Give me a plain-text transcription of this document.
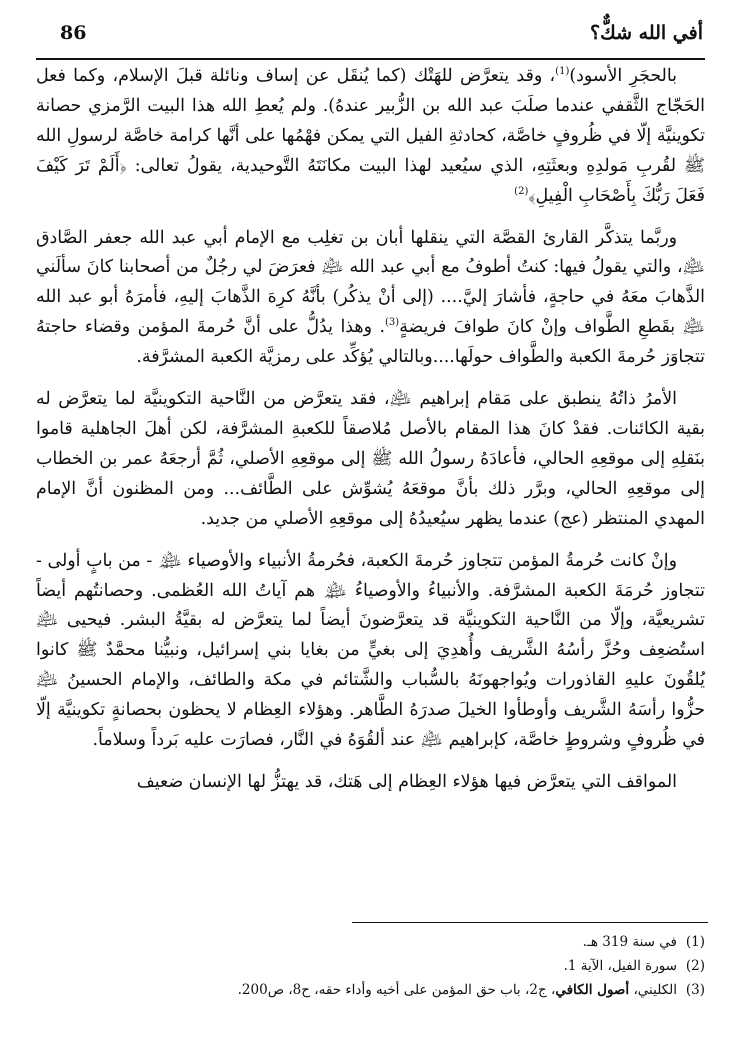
أفي الله شكٌّ؟
86

بالحجَرِ الأسود)$^{(1)}$، وقد يتعرَّض للهَتْك (كما يُنقَل عن إساف ونائلة قبلَ الإسلام، وكما فعل الحَجّاج الثَّقفي عندما صلَبَ عبد الله بن الزُّبير عندهُ). ولم يُعطِ الله هذا البيت الرَّمزي حصانة تكوينيَّة إلّا في ظُروفٍ خاصَّة، كحادثةِ الفيل التي يمكن فهْمُها على أنَّها كرامة خاصَّة لرسولِ الله ﷺ لقُربِ مَولدِهِ وبعثَتِهِ، الذي سيُعيد لهذا البيت مكانَتَهُ التَّوحيدية، يقولُ تعالى: ﴿أَلَمْ تَرَ كَيْفَ فَعَلَ رَبُّكَ بِأَصْحَابِ الْفِيلِ﴾$^{(2)}$

وربَّما يتذكَّر القارئ القصَّة التي ينقلها أبان بن تغلِب مع الإمام أبي عبد الله جعفر الصَّادق ﵇، والتي يقولُ فيها: كنتُ أطوفُ مع أبي عبد الله ﵇ فعرَضَ لي رجُلٌ من أصحابنا كانَ سألَني الذَّهابَ معَهُ في حاجةٍ، فأشارَ إليَّ.... (إلى أنْ يذكُر) بأنَّهُ كرِهَ الذَّهابَ إليهِ، فأمرَهُ أبو عبد الله ﵇ بقَطعِ الطَّواف وإنْ كانَ طوافَ فريضةٍ$^{(3)}$. وهذا يدُلُّ على أنَّ حُرمةَ المؤمن وقضاء حاجتهُ تتجاوَز حُرمةَ الكعبة والطَّواف حولَها....وبالتالي يُؤكِّد على رمزيَّة الكعبة المشرَّفة.

الأمرُ ذاتُهُ ينطبق على مَقام إبراهيم ﵇، فقد يتعرَّض من النَّاحية التكوينيَّة لما يتعرَّض له بقية الكائنات. فقدْ كانَ هذا المقام بالأصل مُلاصقاً للكعبةِ المشرَّفة، لكن أهلَ الجاهلية قاموا بنَقلِهِ إلى موقعِهِ الحالي، فأعادَهُ رسولُ الله ﷺ إلى موقعِهِ الأصلي، ثُمَّ أرجعَهُ عمر بن الخطاب إلى موقعِهِ الحالي، وبرَّر ذلك بأنَّ موقعَهُ يُشوِّش على الطَّائف... ومن المظنون أنَّ الإمام المهدي المنتظر (عج) عندما يظهر سيُعيدُهُ إلى موقعِهِ الأصلي من جديد.

وإنْ كانت حُرمةُ المؤمن تتجاوز حُرمةَ الكعبة، فحُرمةُ الأنبياء والأوصياء ﵈ - من بابٍ أولى - تتجاوز حُرمَةَ الكعبة المشرَّفة. والأنبياءُ والأوصياءُ ﵈ هم آياتُ الله العُظمى. وحصانتُهم أيضاً تشريعيَّة، وإلّا من النَّاحية التكوينيَّة قد يتعرَّضونَ أيضاً لما يتعرَّض له بقيَّةُ البشر. فيحيى ﵇ استُضعِف وحُزَّ رأسُهُ الشَّريف وأُهدِيَ إلى بغيٍّ من بغايا بني إسرائيل، ونبيُّنا محمَّدٌ ﷺ كانوا يُلقُونَ عليهِ القاذورات ويُواجهونَهُ بالسُّباب والشَّتائم في مكة والطائف، والإمام الحسينُ ﵇ حزُّوا رأسَهُ الشَّريف وأوطأوا الخيلَ صدرَهُ الطَّاهر. وهؤلاء العِظام لا يحظون بحصانةٍ تكوينيَّة إلّا في ظُروفٍ وشروطٍ خاصَّة، كإبراهيم ﵇ عند ألقُوَهُ في النَّار، فصارَت عليه بَرداً وسلاماً.

المواقف التي يتعرَّض فيها هؤلاء العِظام إلى هَتك، قد يهتزُّ لها الإنسان ضعيف

(1)في سنة 319 هـ.
(2)سورة الفيل، الآية 1.
(3)الكليني، أصول الكافي، ج2، باب حق المؤمن على أخيه وأداء حقه، ح8، ص200.
